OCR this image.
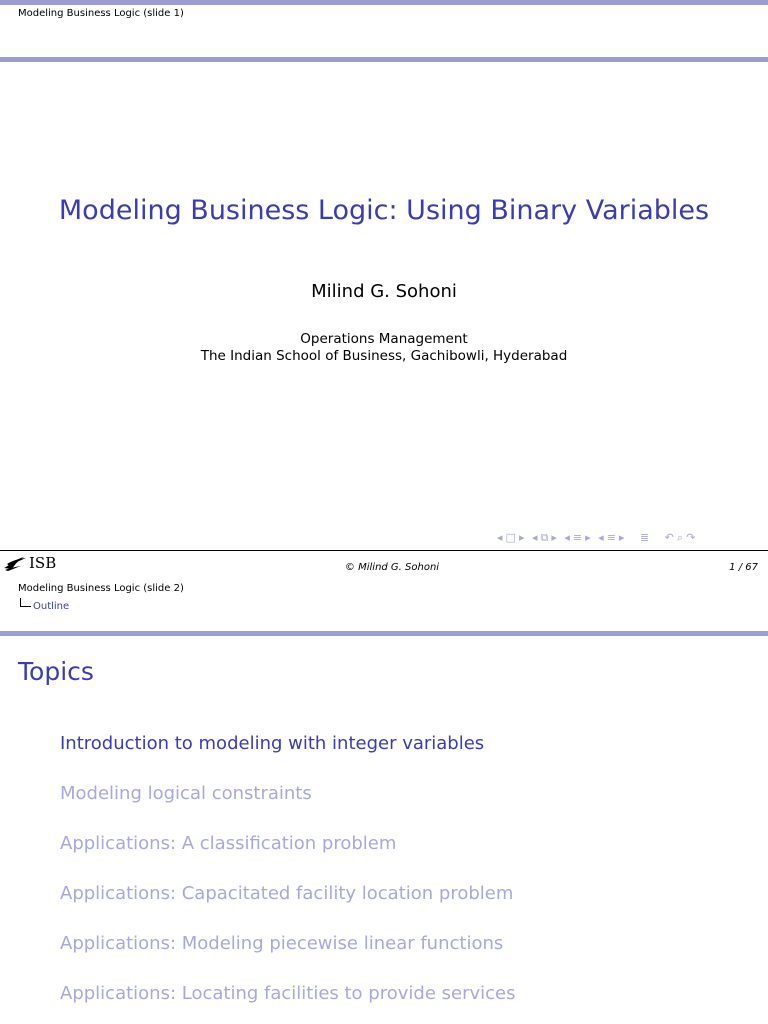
Modeling Business Logic (slide 1)
Modeling Business Logic: Using Binary Variables
Milind G. Sohoni
Operations Management
The Indian School of Business, Gachibowli, Hyderabad
◂ □ ▸ ◂ ⧉ ▸ ◂ ≡ ▸ ◂ ≡ ▸ ≣ ↶ ⌕ ↷
ISB	© Milind G. Sohoni	1 / 67
Modeling Business Logic (slide 2)
Outline
Topics
Introduction to modeling with integer variables
Modeling logical constraints
Applications: A classification problem
Applications: Capacitated facility location problem
Applications: Modeling piecewise linear functions
Applications: Locating facilities to provide services
